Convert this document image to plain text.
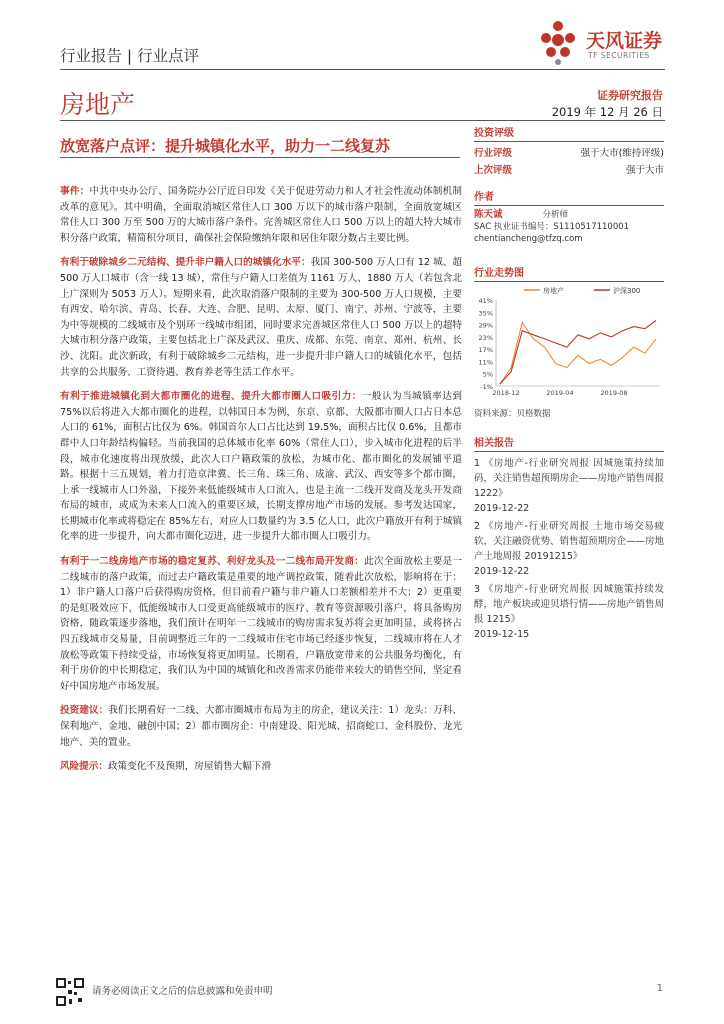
行业报告 | 行业点评
天风证券
TF SECURITIES
房地产	证券研究报告
2019 年 12 月 26 日
放宽落户点评：提升城镇化水平，助力一二线复苏

事件：中共中央办公厅、国务院办公厅近日印发《关于促进劳动力和人才社会性流动体制机制改革的意见》。其中明确，全面取消城区常住人口 300 万以下的城市落户限制，全面放宽城区常住人口 300 万至 500 万的大城市落户条件。完善城区常住人口 500 万以上的超大特大城市积分落户政策，精简积分项目，确保社会保险缴纳年限和居住年限分数占主要比例。

有利于破除城乡二元结构、提升非户籍人口的城镇化水平：我国 300-500 万人口有 12 城、超 500 万人口城市（含一线 13 城），常住与户籍人口差值为 1161 万人、1880 万人（若包含北上广深则为 5053 万人）。短期来看，此次取消落户限制的主要为 300-500 万人口规模，主要有西安、哈尔滨、青岛、长春、大连、合肥、昆明、太原、厦门、南宁、苏州、宁波等，主要为中等规模的二线城市及个别环一线城市组团，同时要求完善城区常住人口 500 万以上的超特大城市积分落户政策，主要包括北上广深及武汉、重庆、成都、东莞、南京、郑州、杭州、长沙、沈阳。此次新政，有利于破除城乡二元结构，进一步提升非户籍人口的城镇化水平，包括共享的公共服务、工资待遇、教育养老等生活工作水平。

有利于推进城镇化到大都市圈化的进程、提升大都市圈人口吸引力：一般认为当城镇率达到 75%以后将进入大都市圈化的进程，以韩国日本为例，东京、京都、大阪都市圈人口占日本总人口的 61%，面积占比仅为 6%。韩国首尔人口占比达到 19.5%，面积占比仅 0.6%，且都市群中人口年龄结构偏轻。当前我国的总体城市化率 60%（常住人口），步入城市化进程的后半段，城市化速度将出现放缓，此次人口户籍政策的放松，为城市化、都市圈化的发展铺平道路。根据十三五规划，着力打造京津冀、长三角、珠三角、成渝、武汉、西安等多个都市圈，上承一线城市人口外溢，下接外来低能级城市人口流入，也是主流一二线开发商及龙头开发商布局的城市，或成为未来人口流入的重要区域，长期支撑房地产市场的发展。参考发达国家，长期城市化率或将稳定在 85%左右，对应人口数量约为 3.5 亿人口，此次户籍放开有利于城镇化率的进一步提升，向大都市圈化迈进，进一步提升大都市圈人口吸引力。

有利于一二线房地产市场的稳定复苏、利好龙头及一二线布局开发商：此次全面放松主要是一二线城市的落户政策，而过去户籍政策是重要的地产调控政策，随着此次放松，影响将在于：1）非户籍人口落户后获得购房资格，但目前看户籍与非户籍人口差额相差并不大；2）更重要的是虹吸效应下，低能级城市人口受更高能级城市的医疗、教育等资源吸引落户，将具备购房资格，随政策逐步落地，我们预计在明年一二线城市的购房需求复苏将会更加明显，或将挤占四五线城市交易量，目前调整近三年的一二线城市住宅市场已经逐步恢复，二线城市将在人才放松等政策下持续受益，市场恢复将更加明显。长期看，户籍放宽带来的公共服务均衡化，有利于房价的中长期稳定，我们认为中国的城镇化和改善需求仍能带来较大的销售空间，坚定看好中国房地产市场发展。

投资建议：我们长期看好一二线、大都市圈城市布局为主的房企，建议关注：1）龙头：万科、保利地产、金地、融创中国；2）都市圈房企：中南建设、阳光城、招商蛇口、金科股份、龙光地产、美的置业。

风险提示：政策变化不及预期，房屋销售大幅下滑

投资评级
行业评级	强于大市(维持评级)
上次评级	强于大市
作者
陈天诚	分析师
SAC 执业证书编号：S1110517110001
chentiancheng@tfzq.com
行业走势图
房地产	沪深300
41%
35%
29%
23%
17%
11%
5%
-1%
2018-12	2019-04	2019-08
资料来源：贝格数据
相关报告
1 《房地产-行业研究周报 因城施策持续加码，关注销售超预期房企——房地产销售周报 1222》
2019-12-22
2 《房地产-行业研究周报 土地市场交易疲软，关注融资优势、销售超预期房企——房地产土地周报 20191215》
2019-12-22
3 《房地产-行业研究周报 因城施策持续发酵，地产板块或迎贝塔行情——房地产销售周报 1215》
2019-12-15
请务必阅读正文之后的信息披露和免责申明	1
